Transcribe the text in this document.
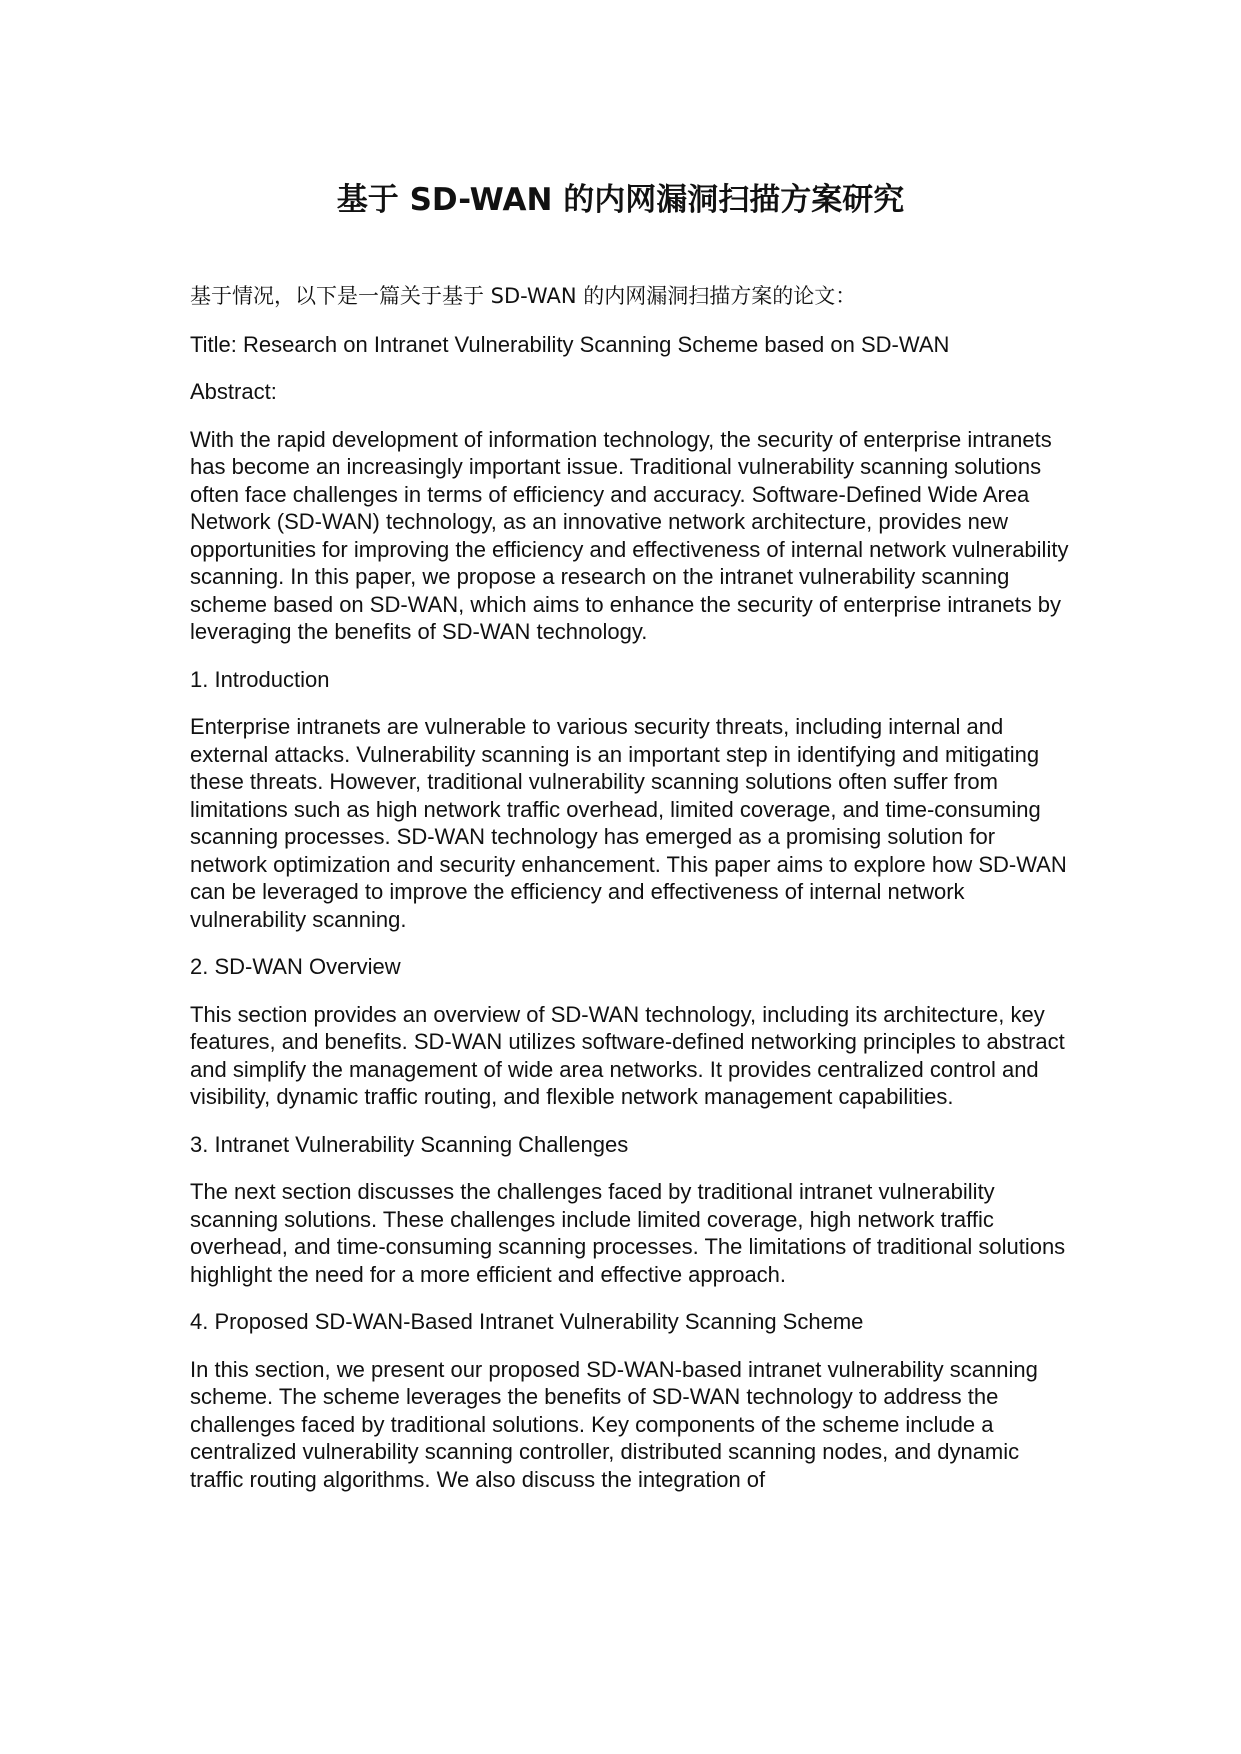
基于 SD-WAN 的内网漏洞扫描方案研究

基于情况，以下是一篇关于基于 SD-WAN 的内网漏洞扫描方案的论文：

Title: Research on Intranet Vulnerability Scanning Scheme based on SD-WAN

Abstract:

With the rapid development of information technology, the security of enterprise intranets has become an increasingly important issue. Traditional vulnerability scanning solutions often face challenges in terms of efficiency and accuracy. Software-Defined Wide Area Network (SD-WAN) technology, as an innovative network architecture, provides new opportunities for improving the efficiency and effectiveness of internal network vulnerability scanning. In this paper, we propose a research on the intranet vulnerability scanning scheme based on SD-WAN, which aims to enhance the security of enterprise intranets by leveraging the benefits of SD-WAN technology.

1. Introduction

Enterprise intranets are vulnerable to various security threats, including internal and external attacks. Vulnerability scanning is an important step in identifying and mitigating these threats. However, traditional vulnerability scanning solutions often suffer from limitations such as high network traffic overhead, limited coverage, and time-consuming scanning processes. SD-WAN technology has emerged as a promising solution for network optimization and security enhancement. This paper aims to explore how SD-WAN can be leveraged to improve the efficiency and effectiveness of internal network vulnerability scanning.

2. SD-WAN Overview

This section provides an overview of SD-WAN technology, including its architecture, key features, and benefits. SD-WAN utilizes software-defined networking principles to abstract and simplify the management of wide area networks. It provides centralized control and visibility, dynamic traffic routing, and flexible network management capabilities.

3. Intranet Vulnerability Scanning Challenges

The next section discusses the challenges faced by traditional intranet vulnerability scanning solutions. These challenges include limited coverage, high network traffic overhead, and time-consuming scanning processes. The limitations of traditional solutions highlight the need for a more efficient and effective approach.

4. Proposed SD-WAN-Based Intranet Vulnerability Scanning Scheme

In this section, we present our proposed SD-WAN-based intranet vulnerability scanning scheme. The scheme leverages the benefits of SD-WAN technology to address the challenges faced by traditional solutions. Key components of the scheme include a centralized vulnerability scanning controller, distributed scanning nodes, and dynamic traffic routing algorithms. We also discuss the integration of
